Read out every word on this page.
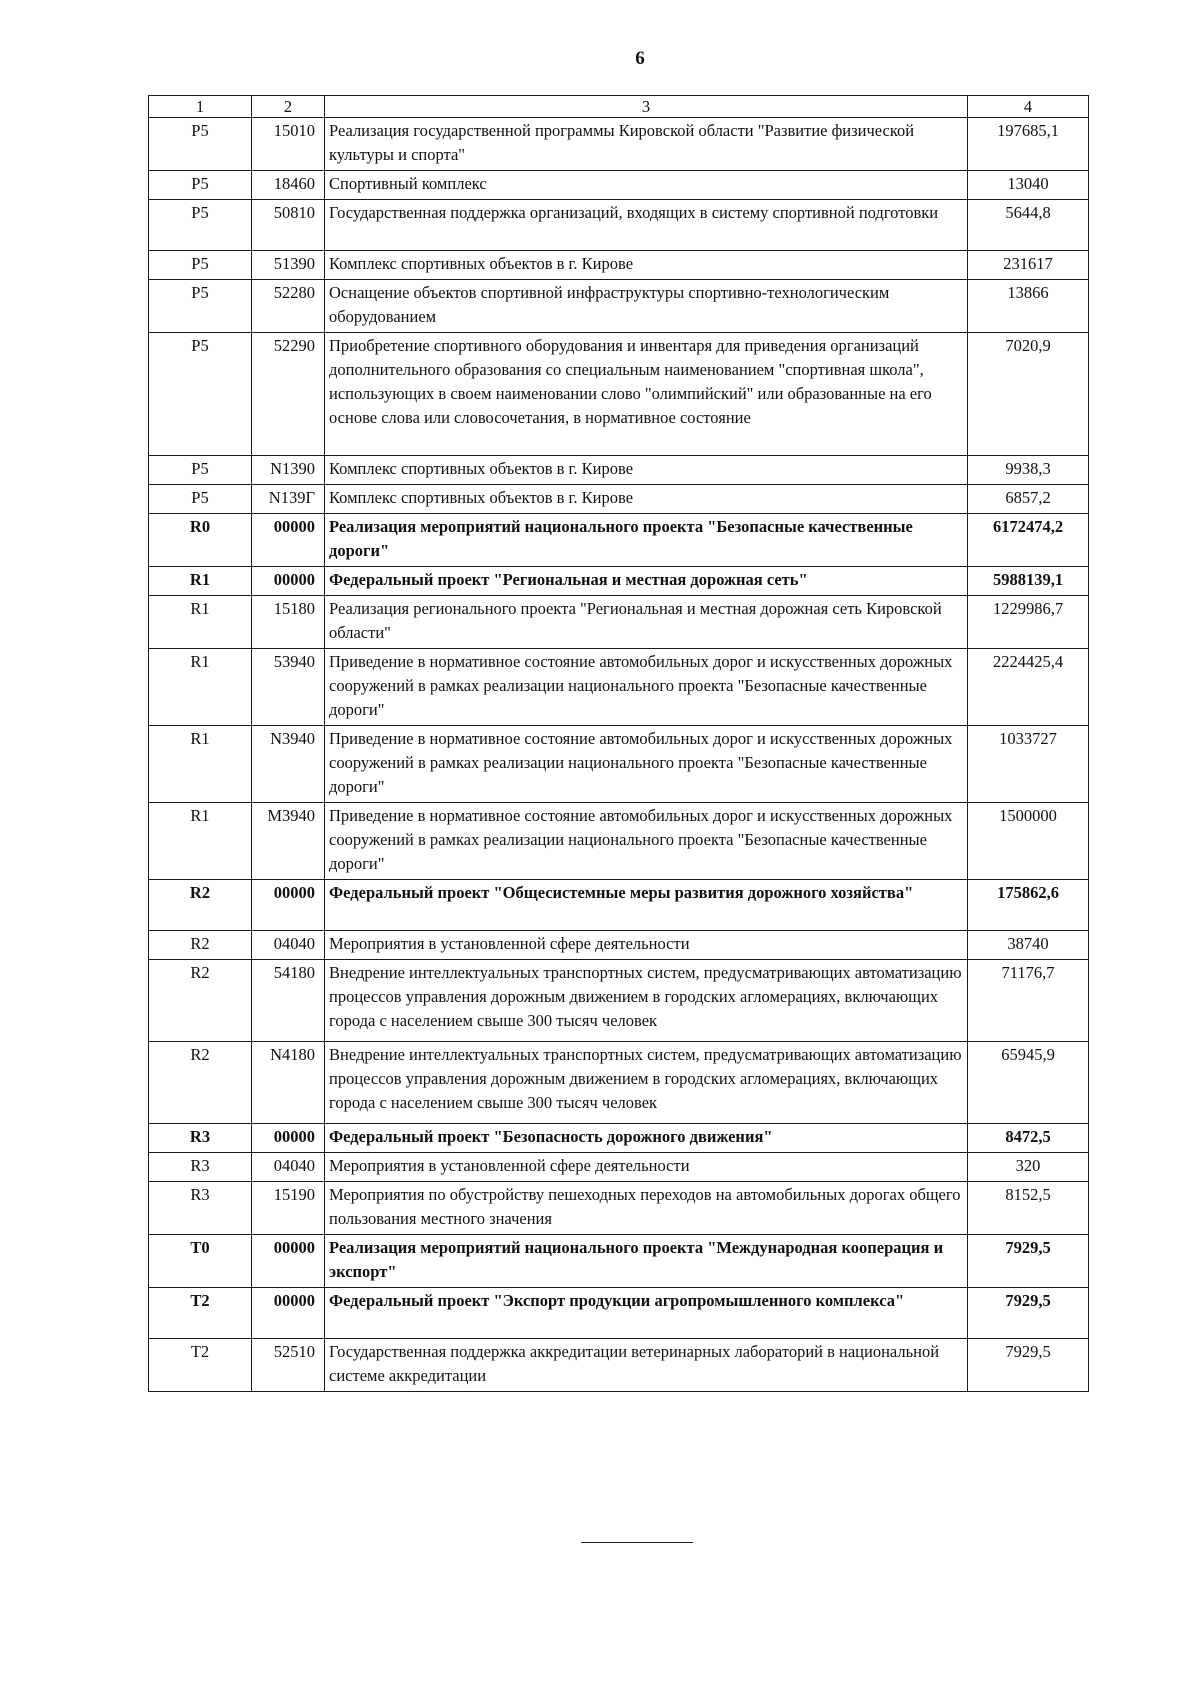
6
1	2	3	4
P5	15010	Реализация государственной программы Кировской области "Развитие физической культуры и спорта"	197685,1
P5	18460	Спортивный комплекс	13040
P5	50810	Государственная поддержка организаций, входящих в систему спортивной подготовки	5644,8
P5	51390	Комплекс спортивных объектов в г. Кирове	231617
P5	52280	Оснащение объектов спортивной инфраструктуры спортивно-технологическим оборудованием	13866
P5	52290	Приобретение спортивного оборудования и инвентаря для приведения организаций дополнительного образования со специальным наименованием "спортивная школа", использующих в своем наименовании слово "олимпийский" или образованные на его основе слова или словосочетания, в нормативное состояние	7020,9
P5	N1390	Комплекс спортивных объектов в г. Кирове	9938,3
P5	N139Г	Комплекс спортивных объектов в г. Кирове	6857,2
R0	00000	Реализация мероприятий национального проекта "Безопасные качественные дороги"	6172474,2
R1	00000	Федеральный проект "Региональная и местная дорожная сеть"	5988139,1
R1	15180	Реализация регионального проекта "Региональная и местная дорожная сеть Кировской области"	1229986,7
R1	53940	Приведение в нормативное состояние автомобильных дорог и искусственных дорожных сооружений в рамках реализации национального проекта "Безопасные качественные дороги"	2224425,4
R1	N3940	Приведение в нормативное состояние автомобильных дорог и искусственных дорожных сооружений в рамках реализации национального проекта "Безопасные качественные дороги"	1033727
R1	M3940	Приведение в нормативное состояние автомобильных дорог и искусственных дорожных сооружений в рамках реализации национального проекта "Безопасные качественные дороги"	1500000
R2	00000	Федеральный проект "Общесистемные меры развития дорожного хозяйства"	175862,6
R2	04040	Мероприятия в установленной сфере деятельности	38740
R2	54180	Внедрение интеллектуальных транспортных систем, предусматривающих автоматизацию процессов управления дорожным движением в городских агломерациях, включающих города с населением свыше 300 тысяч человек	71176,7
R2	N4180	Внедрение интеллектуальных транспортных систем, предусматривающих автоматизацию процессов управления дорожным движением в городских агломерациях, включающих города с населением свыше 300 тысяч человек	65945,9
R3	00000	Федеральный проект "Безопасность дорожного движения"	8472,5
R3	04040	Мероприятия в установленной сфере деятельности	320
R3	15190	Мероприятия по обустройству пешеходных переходов на автомобильных дорогах общего пользования местного значения	8152,5
T0	00000	Реализация мероприятий национального проекта "Международная кооперация и экспорт"	7929,5
T2	00000	Федеральный проект "Экспорт продукции агропромышленного комплекса"	7929,5
T2	52510	Государственная поддержка аккредитации ветеринарных лабораторий в национальной системе аккредитации	7929,5
